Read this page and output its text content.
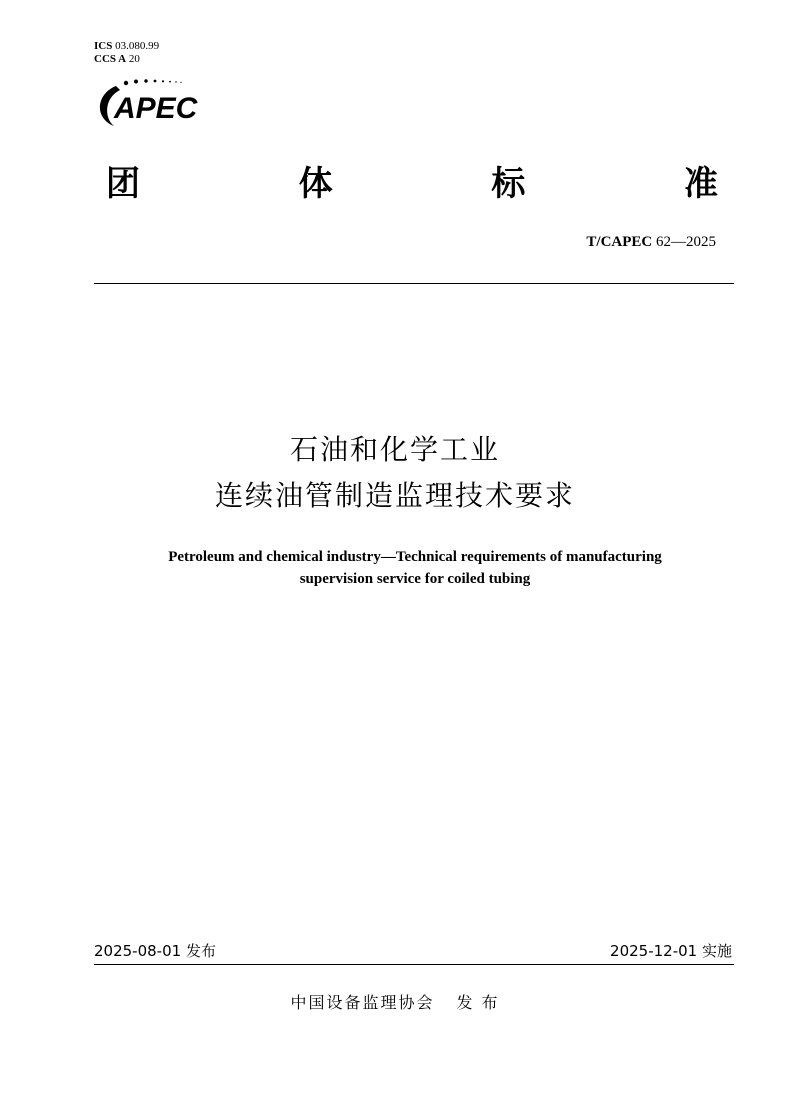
ICS 03.080.99
CCS A 20
APEC
团	体	标	准
T/CAPEC 62—2025
石油和化学工业
连续油管制造监理技术要求
Petroleum and chemical industry—Technical requirements of manufacturing
supervision service for coiled tubing
2025-08-01 发布	2025-12-01 实施
中国设备监理协会 发 布
